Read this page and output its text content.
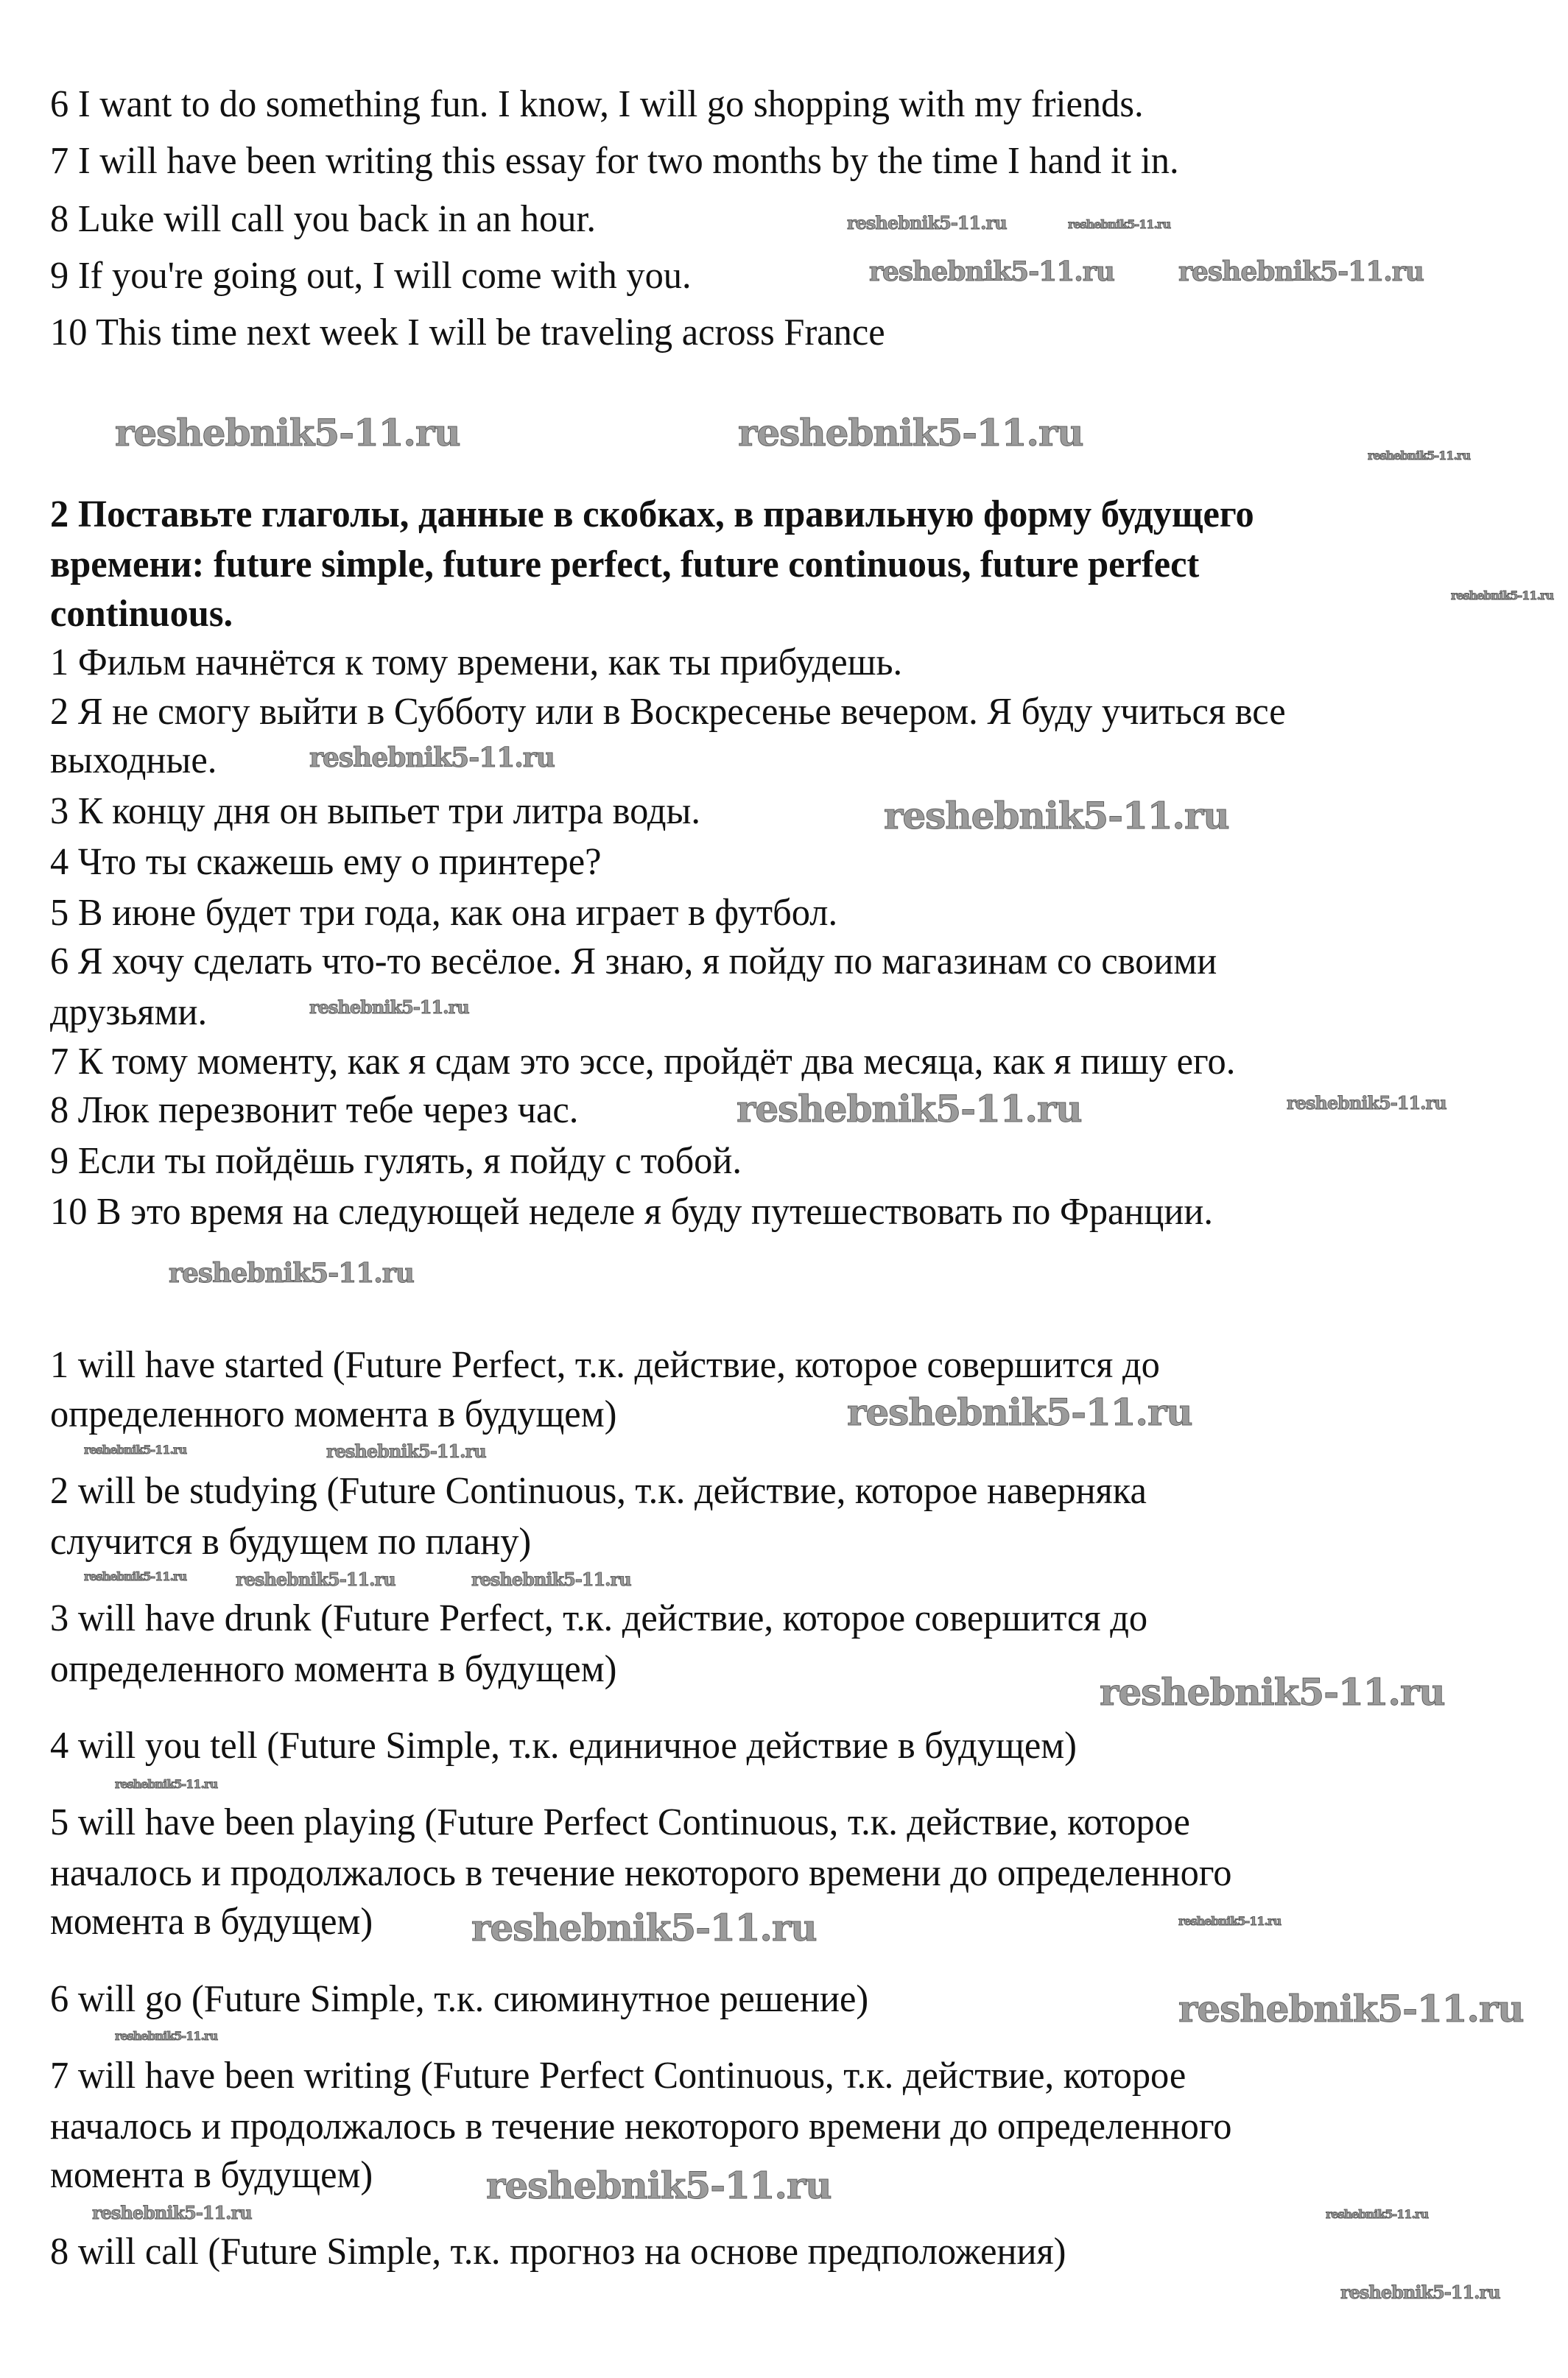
6 I want to do something fun. I know, I will go shopping with my friends.
7 I will have been writing this essay for two months by the time I hand it in.
8 Luke will call you back in an hour.
9 If you're going out, I will come with you.
10 This time next week I will be traveling across France
2 Поставьте глаголы, данные в скобках, в правильную форму будущего
времени: future simple, future perfect, future continuous, future perfect
continuous.
1 Фильм начнётся к тому времени, как ты прибудешь.
2 Я не смогу выйти в Субботу или в Воскресенье вечером. Я буду учиться все
выходные.
3 К концу дня он выпьет три литра воды.
4 Что ты скажешь ему о принтере?
5 В июне будет три года, как она играет в футбол.
6 Я хочу сделать что-то весёлое. Я знаю, я пойду по магазинам со своими
друзьями.
7 К тому моменту, как я сдам это эссе, пройдёт два месяца, как я пишу его.
8 Люк перезвонит тебе через час.
9 Если ты пойдёшь гулять, я пойду с тобой.
10 В это время на следующей неделе я буду путешествовать по Франции.
1 will have started (Future Perfect, т.к. действие, которое совершится до
определенного момента в будущем)
2 will be studying (Future Continuous, т.к. действие, которое наверняка
случится в будущем по плану)
3 will have drunk (Future Perfect, т.к. действие, которое совершится до
определенного момента в будущем)
4 will you tell (Future Simple, т.к. единичное действие в будущем)
5 will have been playing (Future Perfect Continuous, т.к. действие, которое
началось и продолжалось в течение некоторого времени до определенного
момента в будущем)
6 will go (Future Simple, т.к. сиюминутное решение)
7 will have been writing (Future Perfect Continuous, т.к. действие, которое
началось и продолжалось в течение некоторого времени до определенного
момента в будущем)
8 will call (Future Simple, т.к. прогноз на основе предположения)
reshebnik5-11.ru	reshebnik5-11.ru
reshebnik5-11.ru reshebnik5-11.ru
reshebnik5-11.ru	reshebnik5-11.ru
reshebnik5-11.ru
reshebnik5-11.ru
reshebnik5-11.ru
reshebnik5-11.ru
reshebnik5-11.ru
reshebnik5-11.ru	reshebnik5-11.ru
reshebnik5-11.ru
reshebnik5-11.ru
reshebnik5-11.ru	reshebnik5-11.ru
reshebnik5-11.ru	reshebnik5-11.ru	reshebnik5-11.ru
reshebnik5-11.ru
reshebnik5-11.ru
reshebnik5-11.ru
reshebnik5-11.ru
reshebnik5-11.ru
reshebnik5-11.ru
reshebnik5-11.ru
reshebnik5-11.ru	reshebnik5-11.ru
reshebnik5-11.ru
